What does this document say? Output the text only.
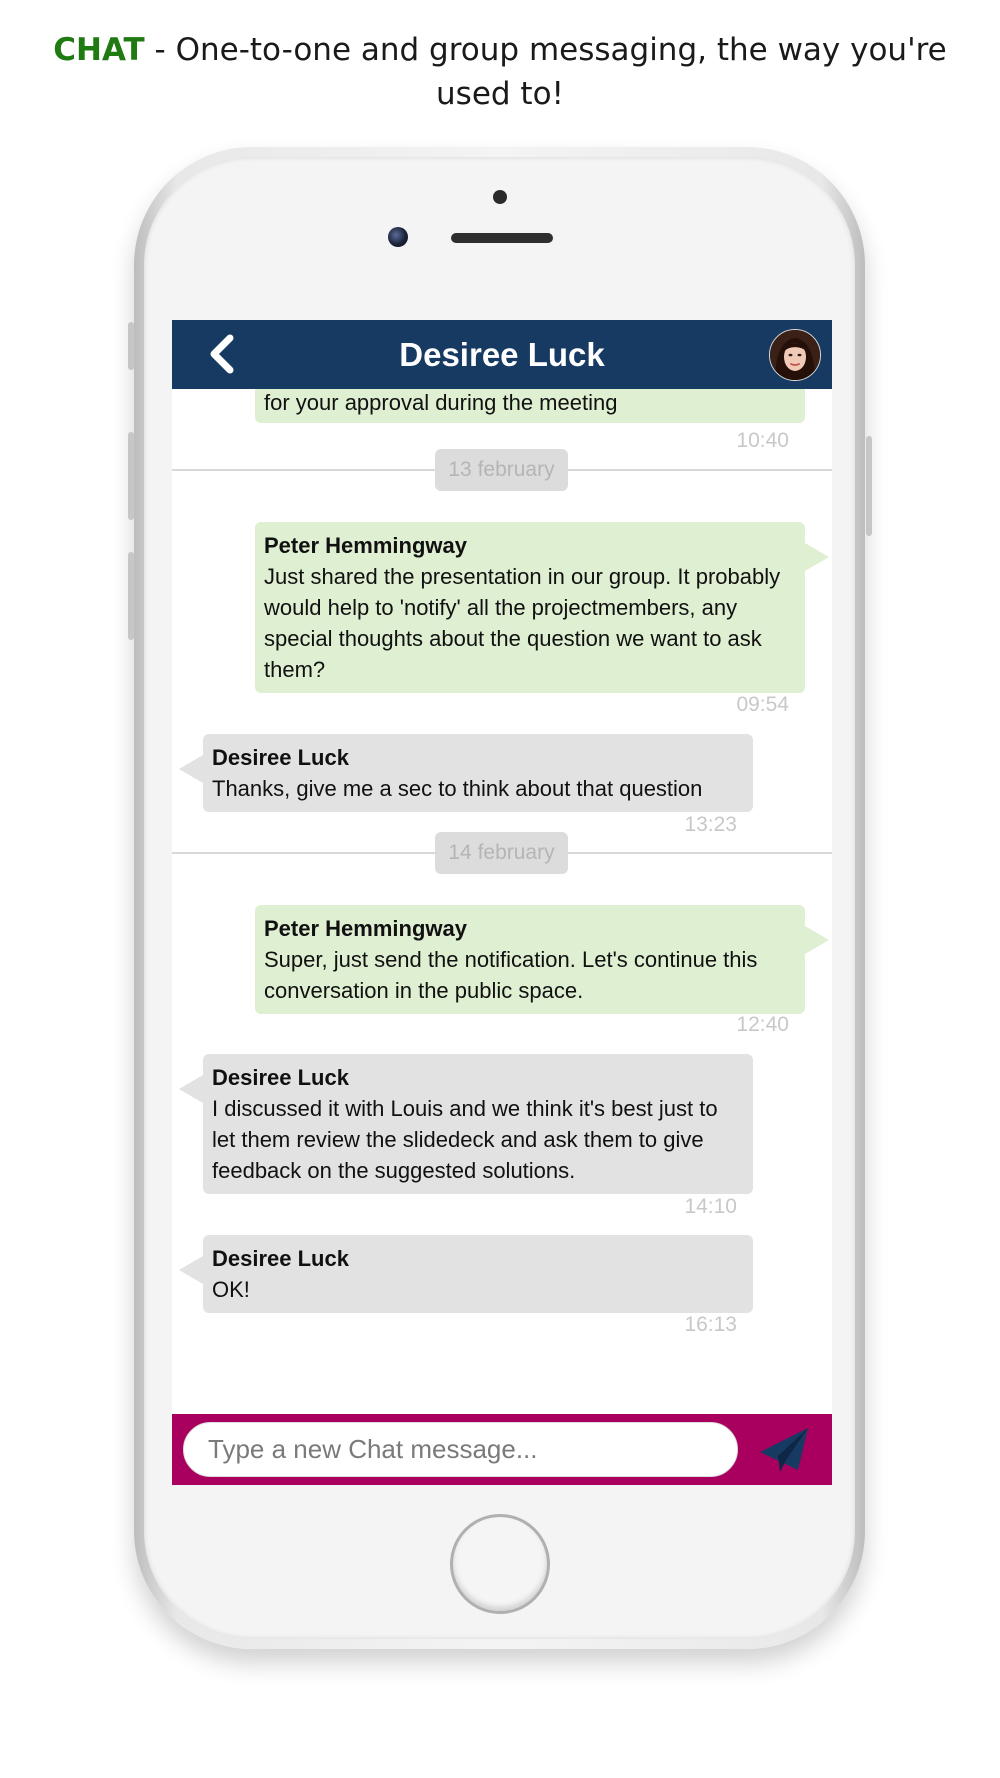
CHAT - One-to-one and group messaging, the way you're used to!
Desiree Luck
for your approval during the meeting
10:40
13 february
Peter Hemmingway
Just shared the presentation in our group. It probably would help to 'notify' all the projectmembers, any special thoughts about the question we want to ask them?
09:54
Desiree Luck
Thanks, give me a sec to think about that question
13:23
14 february
Peter Hemmingway
Super, just send the notification. Let's continue this conversation in the public space.
12:40
Desiree Luck
I discussed it with Louis and we think it's best just to let them review the slidedeck and ask them to give feedback on the suggested solutions.
14:10
Desiree Luck
OK!
16:13
Type a new Chat message...
